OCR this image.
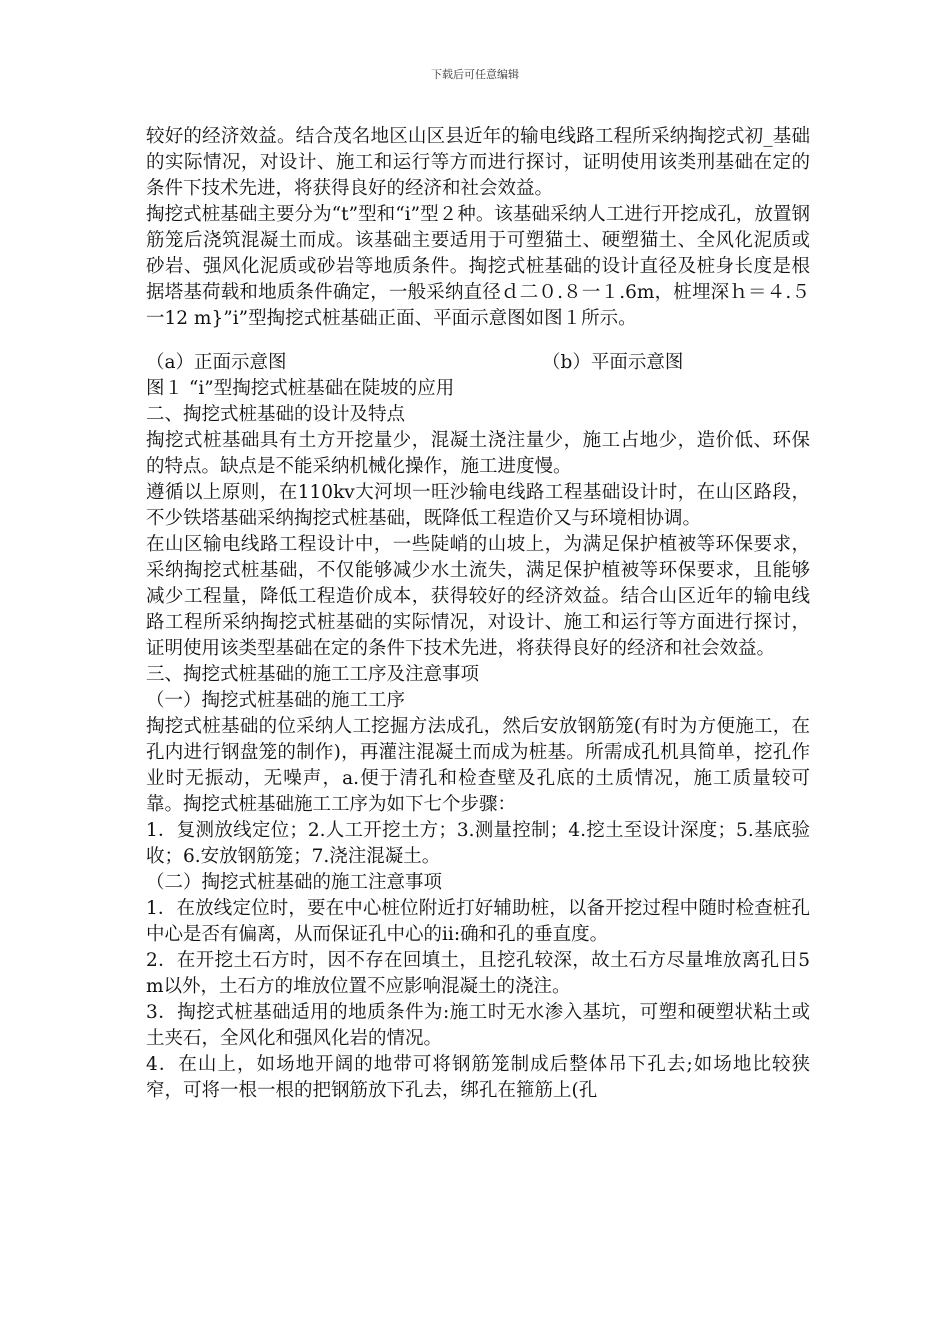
下载后可任意编辑

较好的经济效益。结合茂名地区山区县近年的输电线路工程所采纳掏挖式初_基础的实际情况，对设计、施工和运行等方而进行探讨，证明使用该类刑基础在定的条件下技术先进，将获得良好的经济和社会效益。

掏挖式桩基础主要分为“t”型和“i”型２种。该基础采纳人工进行开挖成孔，放置钢筋笼后浇筑混凝土而成。该基础主要适用于可塑猫土、硬塑猫土、全风化泥质或砂岩、强风化泥质或砂岩等地质条件。掏挖式桩基础的设计直径及桩身长度是根据塔基荷载和地质条件确定，一般采纳直径ｄ二０.８一１.6m，桩埋深ｈ＝４.５一12 m}”i”型掏挖式桩基础正面、平面示意图如图１所示。

（a）正面示意图	（b）平面示意图

图１ “i”型掏挖式桩基础在陡坡的应用

二、掏挖式桩基础的设计及特点

掏挖式桩基础具有土方开挖量少，混凝土浇注量少，施工占地少，造价低、环保的特点。缺点是不能采纳机械化操作，施工进度慢。

遵循以上原则，在110kv大河坝一旺沙输电线路工程基础设计时，在山区路段，不少铁塔基础采纳掏挖式桩基础，既降低工程造价又与环境相协调。

在山区输电线路工程设计中，一些陡峭的山坡上，为满足保护植被等环保要求，采纳掏挖式桩基础，不仅能够减少水土流失，满足保护植被等环保要求，且能够减少工程量，降低工程造价成本，获得较好的经济效益。结合山区近年的输电线路工程所采纳掏挖式桩基础的实际情况，对设计、施工和运行等方面进行探讨，证明使用该类型基础在定的条件下技术先进，将获得良好的经济和社会效益。

三、掏挖式桩基础的施工工序及注意事项

（一）掏挖式桩基础的施工工序

掏挖式桩基础的位采纳人工挖掘方法成孔，然后安放钢筋笼(有时为方便施工，在孔内进行钢盘笼的制作)，再灌注混凝土而成为桩基。所需成孔机具简单，挖孔作业时无振动，无噪声，a.便于清孔和检查壁及孔底的土质情况，施工质量较可靠。掏挖式桩基础施工工序为如下七个步骤：

1．复测放线定位；2.人工开挖土方；3.测量控制；4.挖土至设计深度；5.基底验收；6.安放钢筋笼；7.浇注混凝土。

（二）掏挖式桩基础的施工注意事项

1．在放线定位时，要在中心桩位附近打好辅助桩，以备开挖过程中随时检查桩孔中心是否有偏离，从而保证孔中心的ii:确和孔的垂直度。

2．在开挖土石方时，因不存在回填土，且挖孔较深，故土石方尽量堆放离孔日5m以外，土石方的堆放位置不应影响混凝土的浇注。

3．掏挖式桩基础适用的地质条件为:施工时无水渗入基坑，可塑和硬塑状粘土或土夹石，全风化和强风化岩的情况。

4．在山上，如场地开阔的地带可将钢筋笼制成后整体吊下孔去;如场地比较狭窄，可将一根一根的把钢筋放下孔去，绑孔在箍筋上(孔
